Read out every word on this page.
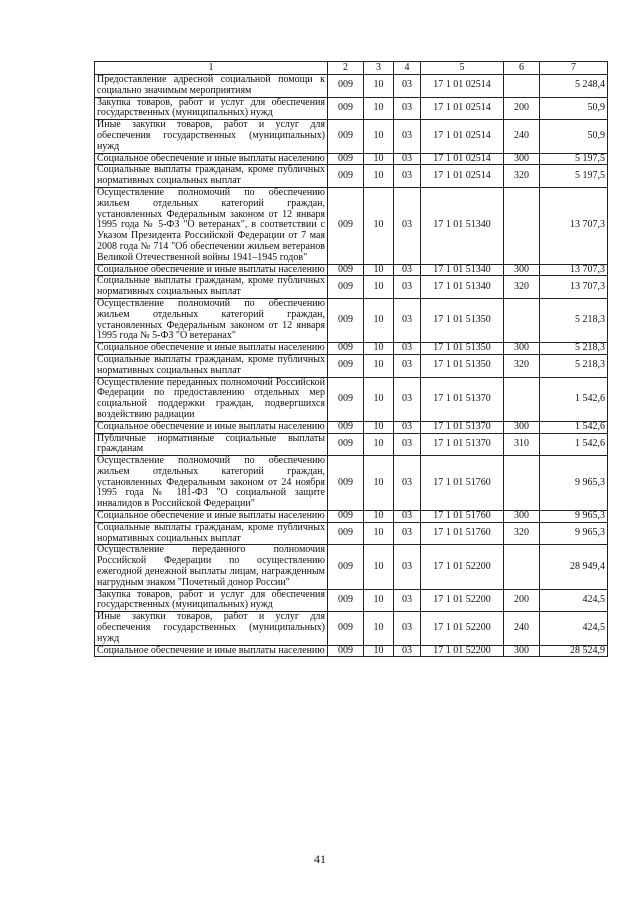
1	2	3	4	5	6	7
Предоставление адресной социальной помощи к социально значимым мероприятиям	009	10	03	17 1 01 02514		5 248,4
Закупка товаров, работ и услуг для обеспечения государственных (муниципальных) нужд	009	10	03	17 1 01 02514	200	50,9
Иные закупки товаров, работ и услуг для обеспечения государственных (муниципальных) нужд	009	10	03	17 1 01 02514	240	50,9
Социальное обеспечение и иные выплаты населению	009	10	03	17 1 01 02514	300	5 197,5
Социальные выплаты гражданам, кроме публичных нормативных социальных выплат	009	10	03	17 1 01 02514	320	5 197,5
Осуществление полномочий по обеспечению жильем отдельных категорий граждан, установленных Федеральным законом от 12 января 1995 года № 5-ФЗ "О ветеранах", в соответствии с Указом Президента Российской Федерации от 7 мая 2008 года № 714 "Об обеспечении жильем ветеранов Великой Отечественной войны 1941–1945 годов"	009	10	03	17 1 01 51340		13 707,3
Социальное обеспечение и иные выплаты населению	009	10	03	17 1 01 51340	300	13 707,3
Социальные выплаты гражданам, кроме публичных нормативных социальных выплат	009	10	03	17 1 01 51340	320	13 707,3
Осуществление полномочий по обеспечению жильем отдельных категорий граждан, установленных Федеральным законом от 12 января 1995 года № 5-ФЗ "О ветеранах"	009	10	03	17 1 01 51350		5 218,3
Социальное обеспечение и иные выплаты населению	009	10	03	17 1 01 51350	300	5 218,3
Социальные выплаты гражданам, кроме публичных нормативных социальных выплат	009	10	03	17 1 01 51350	320	5 218,3
Осуществление переданных полномочий Российской Федерации по предоставлению отдельных мер социальной поддержки граждан, подвергшихся воздействию радиации	009	10	03	17 1 01 51370		1 542,6
Социальное обеспечение и иные выплаты населению	009	10	03	17 1 01 51370	300	1 542,6
Публичные нормативные социальные выплаты гражданам	009	10	03	17 1 01 51370	310	1 542,6
Осуществление полномочий по обеспечению жильем отдельных категорий граждан, установленных Федеральным законом от 24 ноября 1995 года № 181-ФЗ "О социальной защите инвалидов в Российской Федерации"	009	10	03	17 1 01 51760		9 965,3
Социальное обеспечение и иные выплаты населению	009	10	03	17 1 01 51760	300	9 965,3
Социальные выплаты гражданам, кроме публичных нормативных социальных выплат	009	10	03	17 1 01 51760	320	9 965,3
Осуществление переданного полномочия Российской Федерации по осуществлению ежегодной денежной выплаты лицам, награжденным нагрудным знаком "Почетный донор России"	009	10	03	17 1 01 52200		28 949,4
Закупка товаров, работ и услуг для обеспечения государственных (муниципальных) нужд	009	10	03	17 1 01 52200	200	424,5
Иные закупки товаров, работ и услуг для обеспечения государственных (муниципальных) нужд	009	10	03	17 1 01 52200	240	424,5
Социальное обеспечение и иные выплаты населению	009	10	03	17 1 01 52200	300	28 524,9
41
